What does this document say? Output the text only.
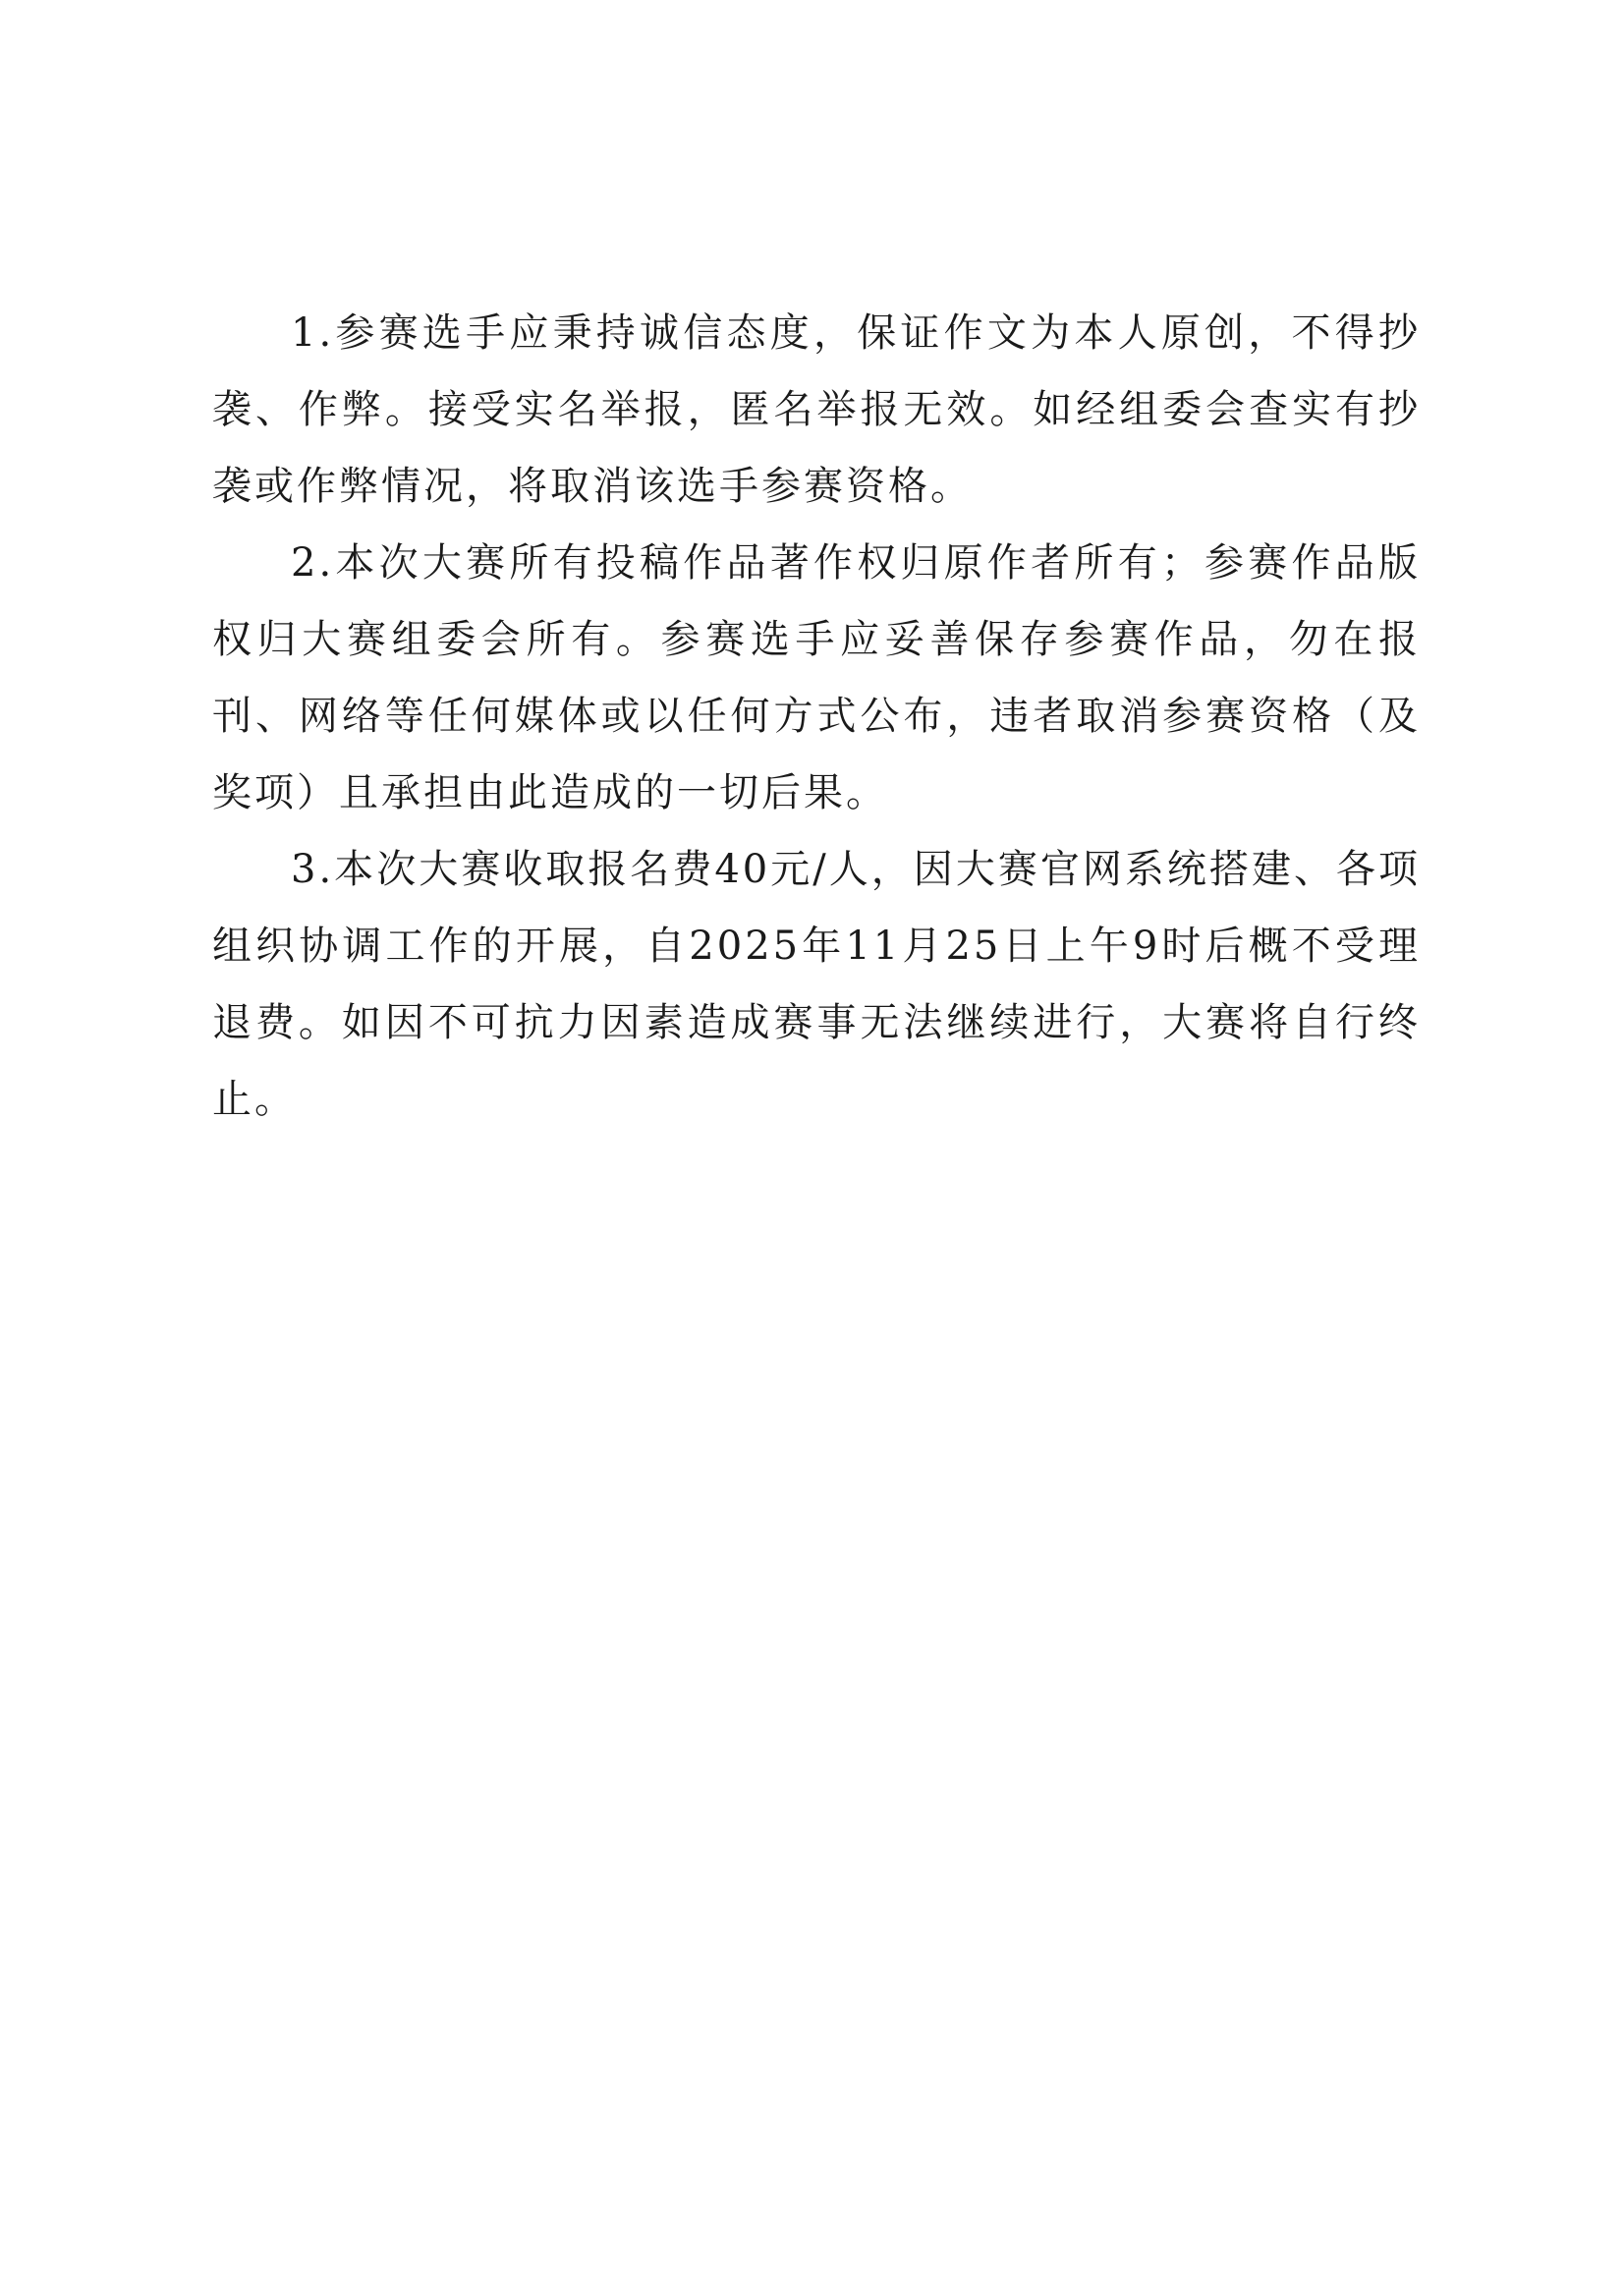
1.参赛选手应秉持诚信态度，保证作文为本人原创，不得抄袭、作弊。接受实名举报，匿名举报无效。如经组委会查实有抄袭或作弊情况，将取消该选手参赛资格。

2.本次大赛所有投稿作品著作权归原作者所有；参赛作品版权归大赛组委会所有。参赛选手应妥善保存参赛作品，勿在报刊、网络等任何媒体或以任何方式公布，违者取消参赛资格（及奖项）且承担由此造成的一切后果。

3.本次大赛收取报名费40元/人，因大赛官网系统搭建、各项组织协调工作的开展，自2025年11月25日上午9时后概不受理退费。如因不可抗力因素造成赛事无法继续进行，大赛将自行终止。
